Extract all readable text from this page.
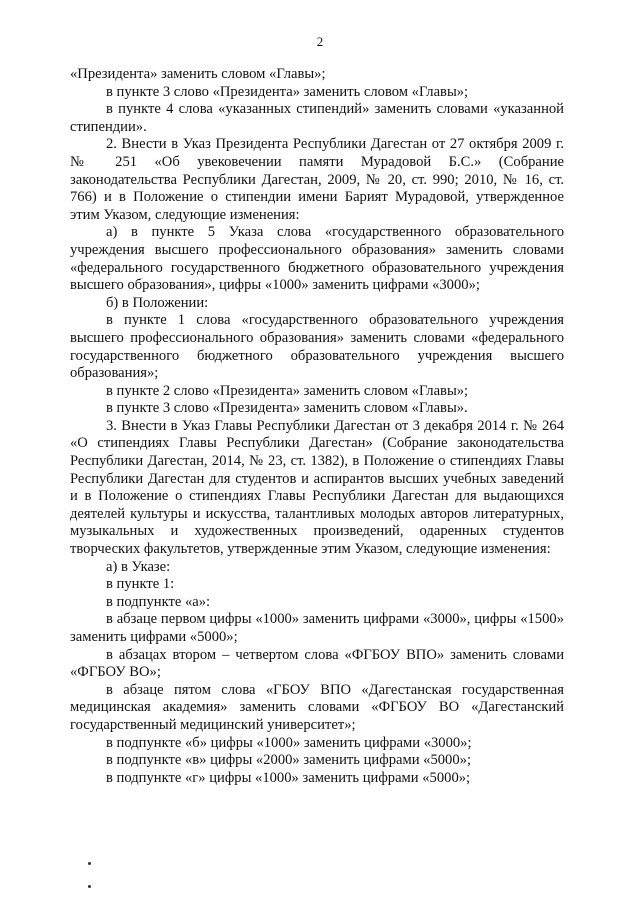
2

«Президента» заменить словом «Главы»;

в пункте 3 слово «Президента» заменить словом «Главы»;

в пункте 4 слова «указанных стипендий» заменить словами «указанной стипендии».

2. Внести в Указ Президента Республики Дагестан от 27 октября 2009 г. № 251 «Об увековечении памяти Мурадовой Б.С.» (Собрание законодательства Республики Дагестан, 2009, № 20, ст. 990; 2010, № 16, ст. 766) и в Положение о стипендии имени Барият Мурадовой, утвержденное этим Указом, следующие изменения:

а) в пункте 5 Указа слова «государственного образовательного учреждения высшего профессионального образования» заменить словами «федерального государственного бюджетного образовательного учреждения высшего образования», цифры «1000» заменить цифрами «3000»;

б) в Положении:

в пункте 1 слова «государственного образовательного учреждения высшего профессионального образования» заменить словами «федерального государственного бюджетного образовательного учреждения высшего образования»;

в пункте 2 слово «Президента» заменить словом «Главы»;

в пункте 3 слово «Президента» заменить словом «Главы».

3. Внести в Указ Главы Республики Дагестан от 3 декабря 2014 г. № 264 «О стипендиях Главы Республики Дагестан» (Собрание законодательства Республики Дагестан, 2014, № 23, ст. 1382), в Положение о стипендиях Главы Республики Дагестан для студентов и аспирантов высших учебных заведений и в Положение о стипендиях Главы Республики Дагестан для выдающихся деятелей культуры и искусства, талантливых молодых авторов литературных, музыкальных и художественных произведений, одаренных студентов творческих факультетов, утвержденные этим Указом, следующие изменения:

а) в Указе:

в пункте 1:

в подпункте «а»:

в абзаце первом цифры «1000» заменить цифрами «3000», цифры «1500» заменить цифрами «5000»;

в абзацах втором – четвертом слова «ФГБОУ ВПО» заменить словами «ФГБОУ ВО»;

в абзаце пятом слова «ГБОУ ВПО «Дагестанская государственная медицинская академия» заменить словами «ФГБОУ ВО «Дагестанский государственный медицинский университет»;

в подпункте «б» цифры «1000» заменить цифрами «3000»;

в подпункте «в» цифры «2000» заменить цифрами «5000»;

в подпункте «г» цифры «1000» заменить цифрами «5000»;
